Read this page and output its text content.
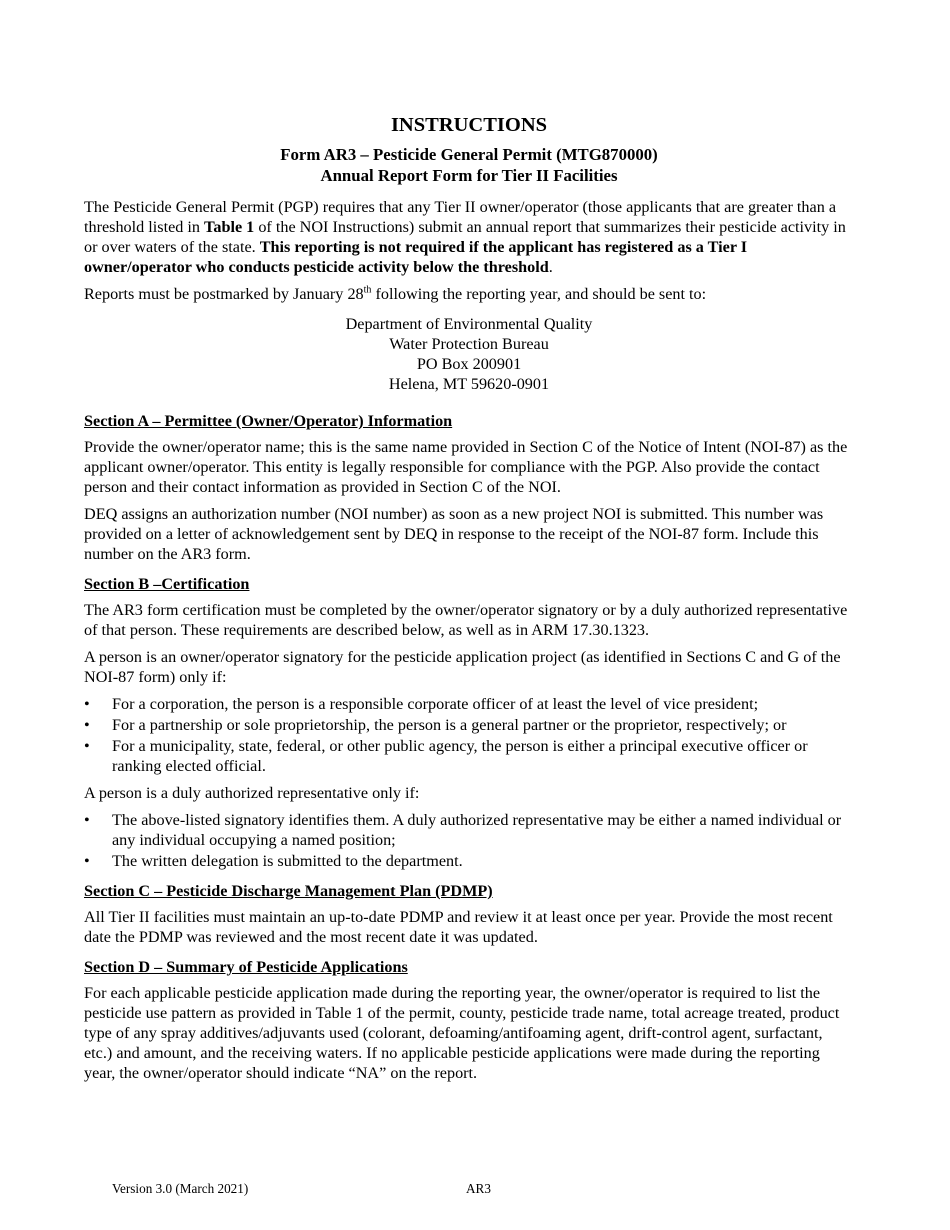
INSTRUCTIONS
Form AR3 – Pesticide General Permit (MTG870000)
Annual Report Form for Tier II Facilities

The Pesticide General Permit (PGP) requires that any Tier II owner/operator (those applicants that are greater than a threshold listed in Table 1 of the NOI Instructions) submit an annual report that summarizes their pesticide activity in or over waters of the state. This reporting is not required if the applicant has registered as a Tier I owner/operator who conducts pesticide activity below the threshold.

Reports must be postmarked by January 28th following the reporting year, and should be sent to:

Department of Environmental Quality
Water Protection Bureau
PO Box 200901
Helena, MT 59620-0901
Section A – Permittee (Owner/Operator) Information

Provide the owner/operator name; this is the same name provided in Section C of the Notice of Intent (NOI-87) as the applicant owner/operator. This entity is legally responsible for compliance with the PGP. Also provide the contact person and their contact information as provided in Section C of the NOI.

DEQ assigns an authorization number (NOI number) as soon as a new project NOI is submitted. This number was provided on a letter of acknowledgement sent by DEQ in response to the receipt of the NOI-87 form. Include this number on the AR3 form.

Section B –Certification

The AR3 form certification must be completed by the owner/operator signatory or by a duly authorized representative of that person. These requirements are described below, as well as in ARM 17.30.1323.

A person is an owner/operator signatory for the pesticide application project (as identified in Sections C and G of the NOI-87 form) only if:

•	For a corporation, the person is a responsible corporate officer of at least the level of vice president;
•	For a partnership or sole proprietorship, the person is a general partner or the proprietor, respectively; or
•	For a municipality, state, federal, or other public agency, the person is either a principal executive officer or ranking elected official.

A person is a duly authorized representative only if:

•	The above-listed signatory identifies them. A duly authorized representative may be either a named individual or any individual occupying a named position;
•	The written delegation is submitted to the department.
Section C – Pesticide Discharge Management Plan (PDMP)

All Tier II facilities must maintain an up-to-date PDMP and review it at least once per year. Provide the most recent date the PDMP was reviewed and the most recent date it was updated.

Section D – Summary of Pesticide Applications

For each applicable pesticide application made during the reporting year, the owner/operator is required to list the pesticide use pattern as provided in Table 1 of the permit, county, pesticide trade name, total acreage treated, product type of any spray additives/adjuvants used (colorant, defoaming/antifoaming agent, drift-control agent, surfactant, etc.) and amount, and the receiving waters. If no applicable pesticide applications were made during the reporting year, the owner/operator should indicate “NA” on the report.

Version 3.0 (March 2021)	AR3
